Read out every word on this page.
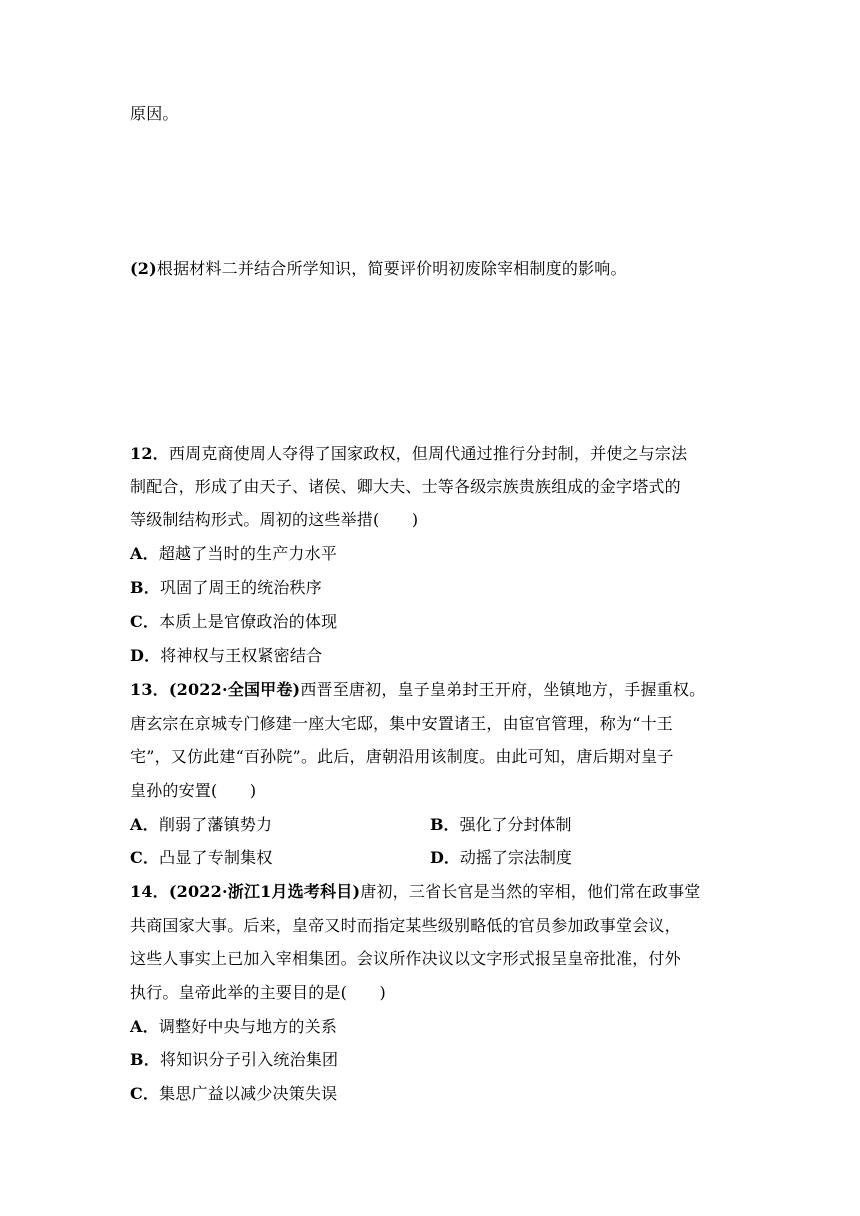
原因。
(2)根据材料二并结合所学知识，简要评价明初废除宰相制度的影响。
12．西周克商使周人夺得了国家政权，但周代通过推行分封制，并使之与宗法
制配合，形成了由天子、诸侯、卿大夫、士等各级宗族贵族组成的金字塔式的
等级制结构形式。周初的这些举措(　　)
A．超越了当时的生产力水平
B．巩固了周王的统治秩序
C．本质上是官僚政治的体现
D．将神权与王权紧密结合
13．(2022·全国甲卷)西晋至唐初，皇子皇弟封王开府，坐镇地方，手握重权。
唐玄宗在京城专门修建一座大宅邸，集中安置诸王，由宦官管理，称为“十王
宅”，又仿此建“百孙院”。此后，唐朝沿用该制度。由此可知，唐后期对皇子
皇孙的安置(　　)
A．削弱了藩镇势力	B．强化了分封体制
C．凸显了专制集权	D．动摇了宗法制度
14．(2022·浙江1月选考科目)唐初，三省长官是当然的宰相，他们常在政事堂
共商国家大事。后来，皇帝又时而指定某些级别略低的官员参加政事堂会议，
这些人事实上已加入宰相集团。会议所作决议以文字形式报呈皇帝批准，付外
执行。皇帝此举的主要目的是(　　)
A．调整好中央与地方的关系
B．将知识分子引入统治集团
C．集思广益以减少决策失误
